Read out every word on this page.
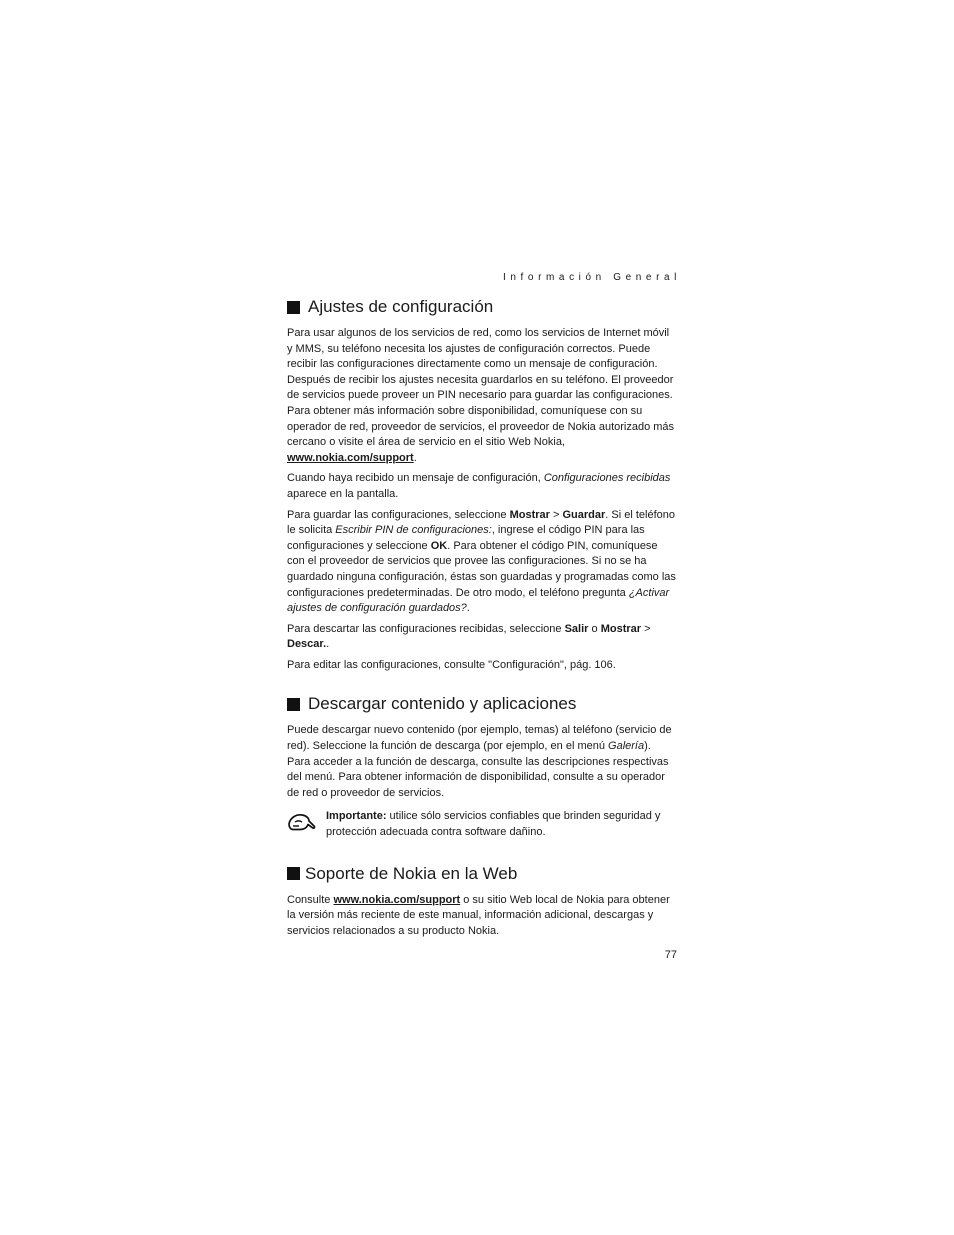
Información General
Ajustes de configuración

Para usar algunos de los servicios de red, como los servicios de Internet móvil y MMS, su teléfono necesita los ajustes de configuración correctos. Puede recibir las configuraciones directamente como un mensaje de configuración. Después de recibir los ajustes necesita guardarlos en su teléfono. El proveedor de servicios puede proveer un PIN necesario para guardar las configuraciones. Para obtener más información sobre disponibilidad, comuníquese con su operador de red, proveedor de servicios, el proveedor de Nokia autorizado más cercano o visite el área de servicio en el sitio Web Nokia, www.nokia.com/support.

Cuando haya recibido un mensaje de configuración, Configuraciones recibidas aparece en la pantalla.

Para guardar las configuraciones, seleccione Mostrar > Guardar. Si el teléfono le solicita Escribir PIN de configuraciones:, ingrese el código PIN para las configuraciones y seleccione OK. Para obtener el código PIN, comuníquese con el proveedor de servicios que provee las configuraciones. Si no se ha guardado ninguna configuración, éstas son guardadas y programadas como las configuraciones predeterminadas. De otro modo, el teléfono pregunta ¿Activar ajustes de configuración guardados?.

Para descartar las configuraciones recibidas, seleccione Salir o Mostrar > Descar..

Para editar las configuraciones, consulte "Configuración", pág. 106.

Descargar contenido y aplicaciones

Puede descargar nuevo contenido (por ejemplo, temas) al teléfono (servicio de red). Seleccione la función de descarga (por ejemplo, en el menú Galería). Para acceder a la función de descarga, consulte las descripciones respectivas del menú. Para obtener información de disponibilidad, consulte a su operador de red o proveedor de servicios.

Importante: utilice sólo servicios confiables que brinden seguridad y protección adecuada contra software dañino.

Soporte de Nokia en la Web

Consulte www.nokia.com/support o su sitio Web local de Nokia para obtener la versión más reciente de este manual, información adicional, descargas y servicios relacionados a su producto Nokia.

77
